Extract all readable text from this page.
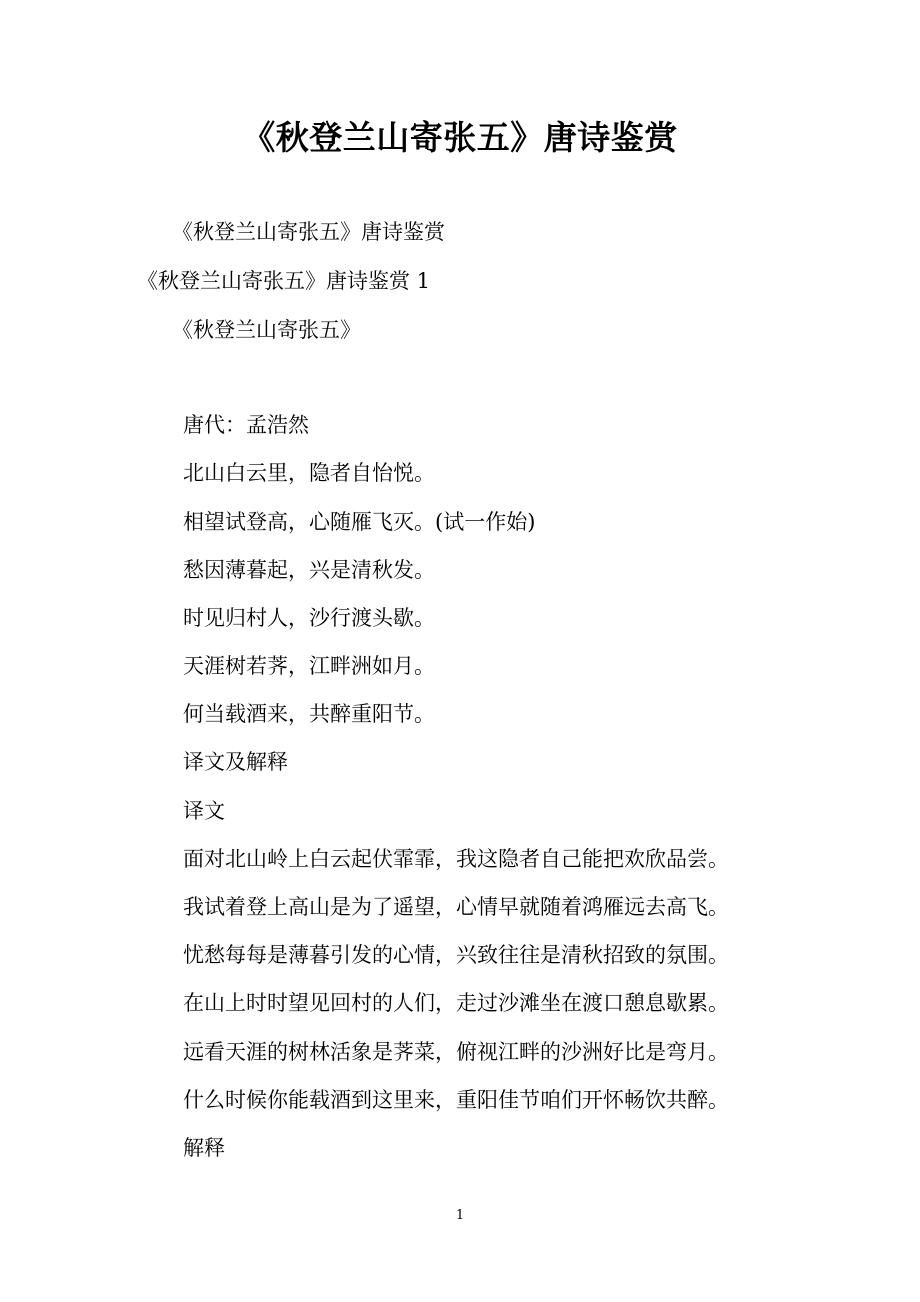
《秋登兰山寄张五》唐诗鉴赏
《秋登兰山寄张五》唐诗鉴赏
《秋登兰山寄张五》唐诗鉴赏 1
《秋登兰山寄张五》
唐代：孟浩然
北山白云里，隐者自怡悦。
相望试登高，心随雁飞灭。(试一作始)
愁因薄暮起，兴是清秋发。
时见归村人，沙行渡头歇。
天涯树若荠，江畔洲如月。
何当载酒来，共醉重阳节。
译文及解释
译文
面对北山岭上白云起伏霏霏，我这隐者自己能把欢欣品尝。
我试着登上高山是为了遥望，心情早就随着鸿雁远去高飞。
忧愁每每是薄暮引发的心情，兴致往往是清秋招致的氛围。
在山上时时望见回村的人们，走过沙滩坐在渡口憩息歇累。
远看天涯的树林活象是荠菜，俯视江畔的沙洲好比是弯月。
什么时候你能载酒到这里来，重阳佳节咱们开怀畅饮共醉。
解释
1
